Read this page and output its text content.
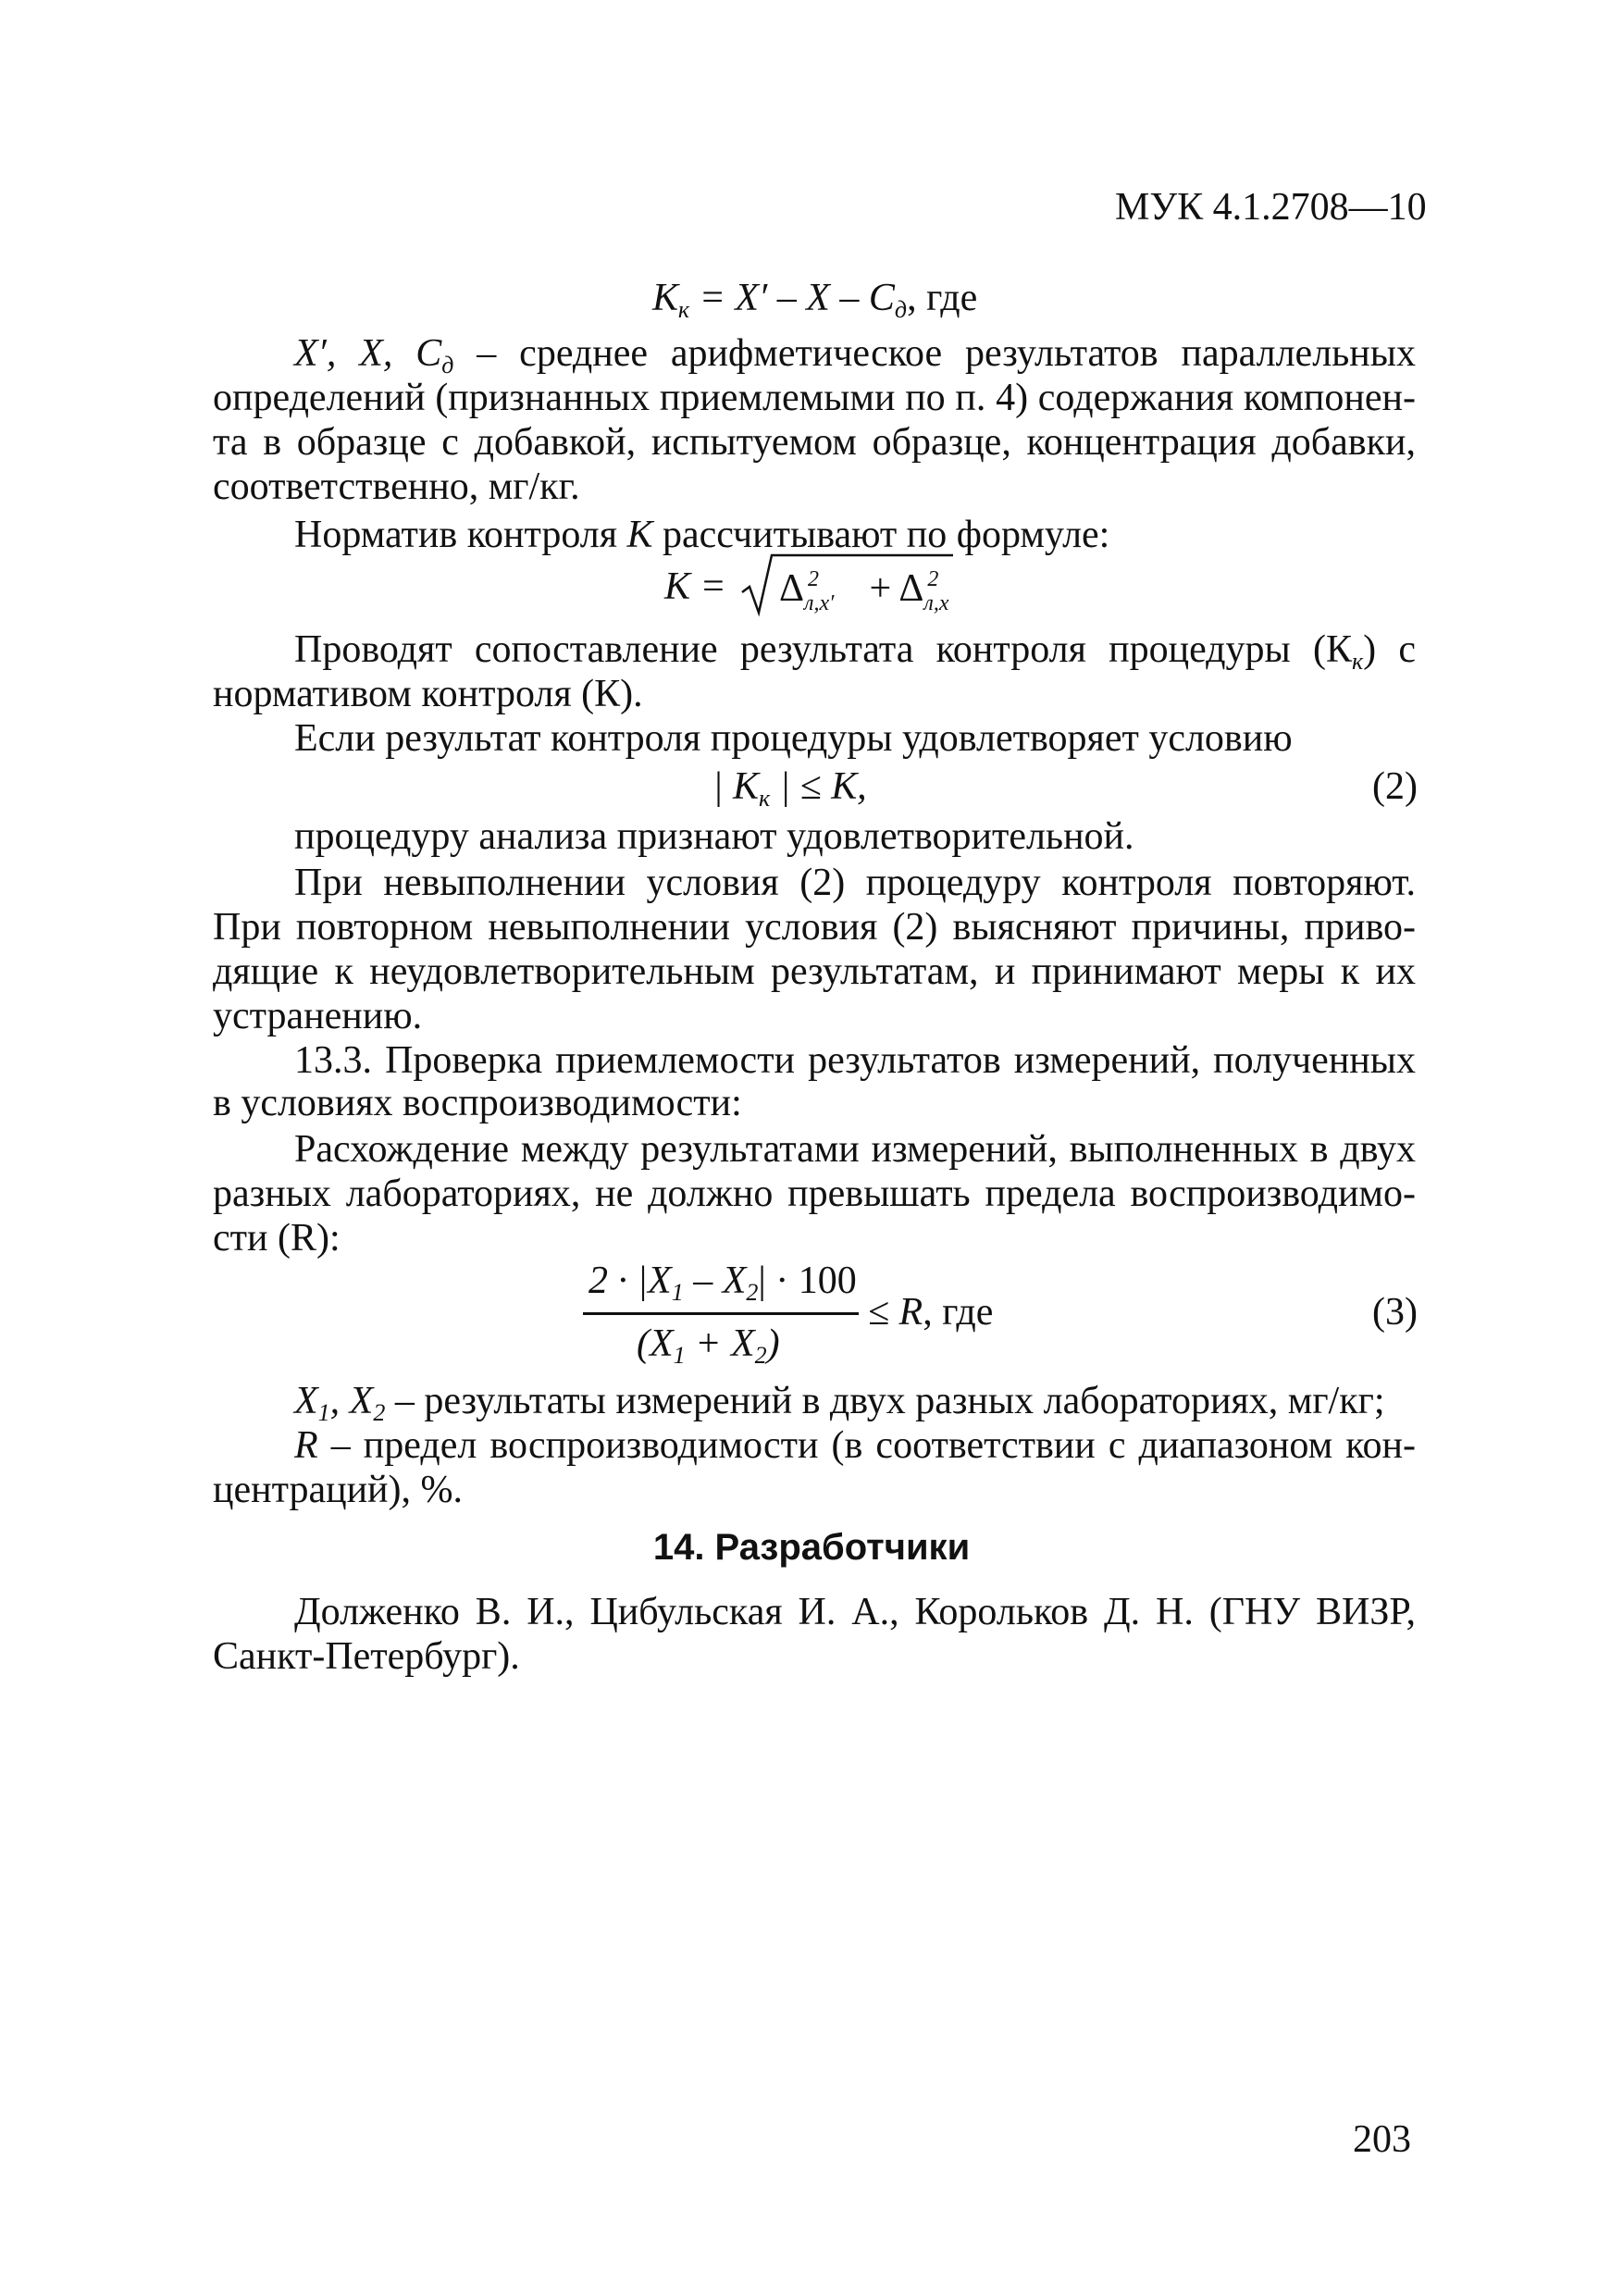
МУК 4.1.2708—10
$К_к = X' - X - C_д$, где
X′, X, $C_д$ – среднее арифметическое результатов параллельных
определений (признанных приемлемыми по п. 4) содержания компонен-
та в образце с добавкой, испытуемом образце, концентрация добавки,
соответственно, мг/кг.
Норматив контроля К рассчитывают по формуле:
К = Δ 2
л,х′ + Δ 2
л,х
Проводят сопоставление результата контроля процедуры $(К_к)$ с
нормативом контроля (К).
Если результат контроля процедуры удовлетворяет условию
| $К_к$ | ≤ К,	(2)
процедуру анализа признают удовлетворительной.
При невыполнении условия (2) процедуру контроля повторяют.
При повторном невыполнении условия (2) выясняют причины, приво-
дящие к неудовлетворительным результатам, и принимают меры к их
устранению.
13.3. Проверка приемлемости результатов измерений, полученных
в условиях воспроизводимости:
Расхождение между результатами измерений, выполненных в двух
разных лабораториях, не должно превышать предела воспроизводимо-
сти (R):
$2 \cdot |X_1 - X_2| \cdot 100$
$(X_1 + X_2)$
≤ R, где	(3)
$X_1$, $X_2$ – результаты измерений в двух разных лабораториях, мг/кг;
R – предел воспроизводимости (в соответствии с диапазоном кон-
центраций), %.
14. Разработчики
Долженко В. И., Цибульская И. А., Корольков Д. Н. (ГНУ ВИЗР,
Санкт-Петербург).
203
